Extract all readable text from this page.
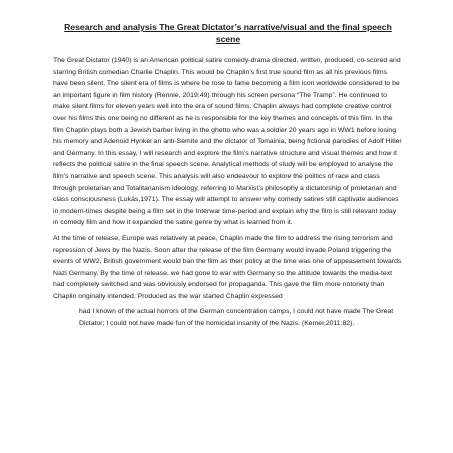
Research and analysis The Great Dictator’s narrative/visual and the final speech scene

The Great Dictator (1940) is an American political satire comedy-drama directed, written, produced, co-scored and starring British comedian Charlie Chaplin. This would be Chaplin’s first true sound film as all his previous films have been silent. The silent era of films is where he rose to fame becoming a film icon worldwide considered to be an important figure in film history (Rennie, 2019:49) through his screen persona “The Tramp”. He continued to make silent films for eleven years well into the era of sound films. Chaplin always had complete creative control over his films this one being no different as he is responsible for the key themes and concepts of this film. In the film Chaplin plays both a Jewish barber living in the ghetto who was a soldier 20 years ago in WW1 before losing his memory and Adenoid Hynkel an anti-Semite and the dictator of Tomainia, being fictional parodies of Adolf Hitler and Germany. In this essay, I will research and explore the film’s narrative structure and visual themes and how it reflects the political satire in the final speech scene. Analytical methods of study will be employed to analyse the film’s narrative and speech scene. This analysis will also endeavour to explore the politics of race and class through proletarian and Totalitarianism ideology, referring to Marxist’s philosophy a dictatorship of proletarian and class consciousness (Lukás,1971). The essay will attempt to answer why comedy satires still captivate audiences in modern-times despite being a film set in the Interwar time-period and explain why the film is still relevant today in comedy film and how it expanded the satire genre by what is learned from it.

At the time of release, Europe was relatively at peace, Chaplin made the film to address the rising terrorism and repression of Jews by the Nazis. Soon after the release of the film Germany would invade Poland triggering the events of WW2, British government would ban the film as their policy at the time was one of appeasement towards Nazi Germany. By the time of release, we had gone to war with Germany so the attitude towards the media-text had completely switched and was obviously endorsed for propaganda. This gave the film more notoriety than Chaplin originally intended. Produced as the war started Chaplin expressed

had I known of the actual horrors of the German concentration camps, I could not have made The Great Dictator; I could not have made fun of the homicidal insanity of the Nazis. (Kemer,2011:82).
